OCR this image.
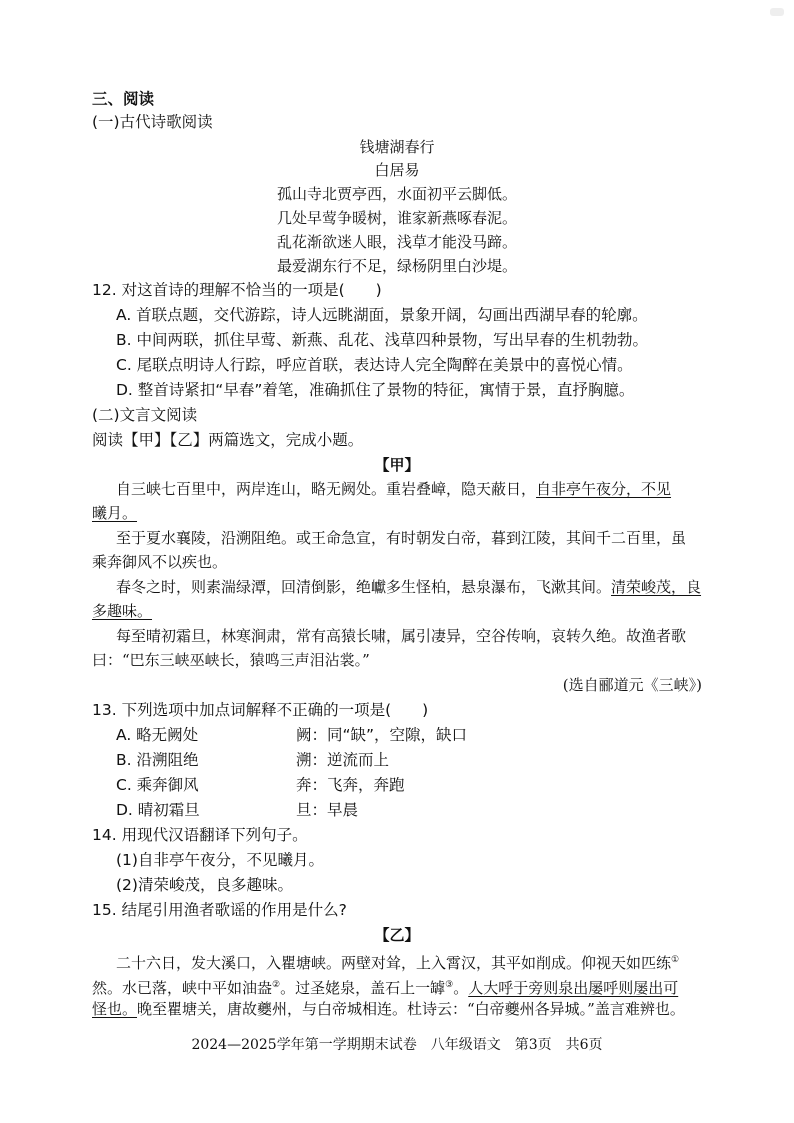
三、阅读
(一)古代诗歌阅读
钱塘湖春行
白居易
孤山寺北贾亭西，水面初平云脚低。
几处早莺争暖树，谁家新燕啄春泥。
乱花渐欲迷人眼，浅草才能没马蹄。
最爱湖东行不足，绿杨阴里白沙堤。
12. 对这首诗的理解不恰当的一项是(　　)
A. 首联点题，交代游踪，诗人远眺湖面，景象开阔，勾画出西湖早春的轮廓。
B. 中间两联，抓住早莺、新燕、乱花、浅草四种景物，写出早春的生机勃勃。
C. 尾联点明诗人行踪，呼应首联，表达诗人完全陶醉在美景中的喜悦心情。
D. 整首诗紧扣“早春”着笔，准确抓住了景物的特征，寓情于景，直抒胸臆。
(二)文言文阅读
阅读【甲】【乙】两篇选文，完成小题。
【甲】
自三峡七百里中，两岸连山，略无阙处。重岩叠嶂，隐天蔽日，自非亭午夜分，不见
曦月。
至于夏水襄陵，沿溯阻绝。或王命急宣，有时朝发白帝，暮到江陵，其间千二百里，虽
乘奔御风不以疾也。
春冬之时，则素湍绿潭，回清倒影，绝巘多生怪柏，悬泉瀑布，飞漱其间。清荣峻茂，良
多趣味。
每至晴初霜旦，林寒涧肃，常有高猿长啸，属引凄异，空谷传响，哀转久绝。故渔者歌
曰：“巴东三峡巫峡长，猿鸣三声泪沾裳。”
(选自郦道元《三峡》)
13. 下列选项中加点词解释不正确的一项是(　　)
A. 略无阙处	阙：同“缺”，空隙，缺口
B. 沿溯阻绝	溯：逆流而上
C. 乘奔御风	奔：飞奔，奔跑
D. 晴初霜旦	旦：早晨
14. 用现代汉语翻译下列句子。
(1)自非亭午夜分，不见曦月。
(2)清荣峻茂，良多趣味。
15. 结尾引用渔者歌谣的作用是什么?
【乙】
二十六日，发大溪口，入瞿塘峡。两壁对耸，上入霄汉，其平如削成。仰视天如匹练①
然。水已落，峡中平如油盎②。过圣姥泉，盖石上一罅③。人大呼于旁则泉出屡呼则屡出可
怪也。晚至瞿塘关，唐故夔州，与白帝城相连。杜诗云：“白帝夔州各异城。”盖言难辨也。
2024—2025学年第一学期期末试卷　八年级语文　第3页　共6页
